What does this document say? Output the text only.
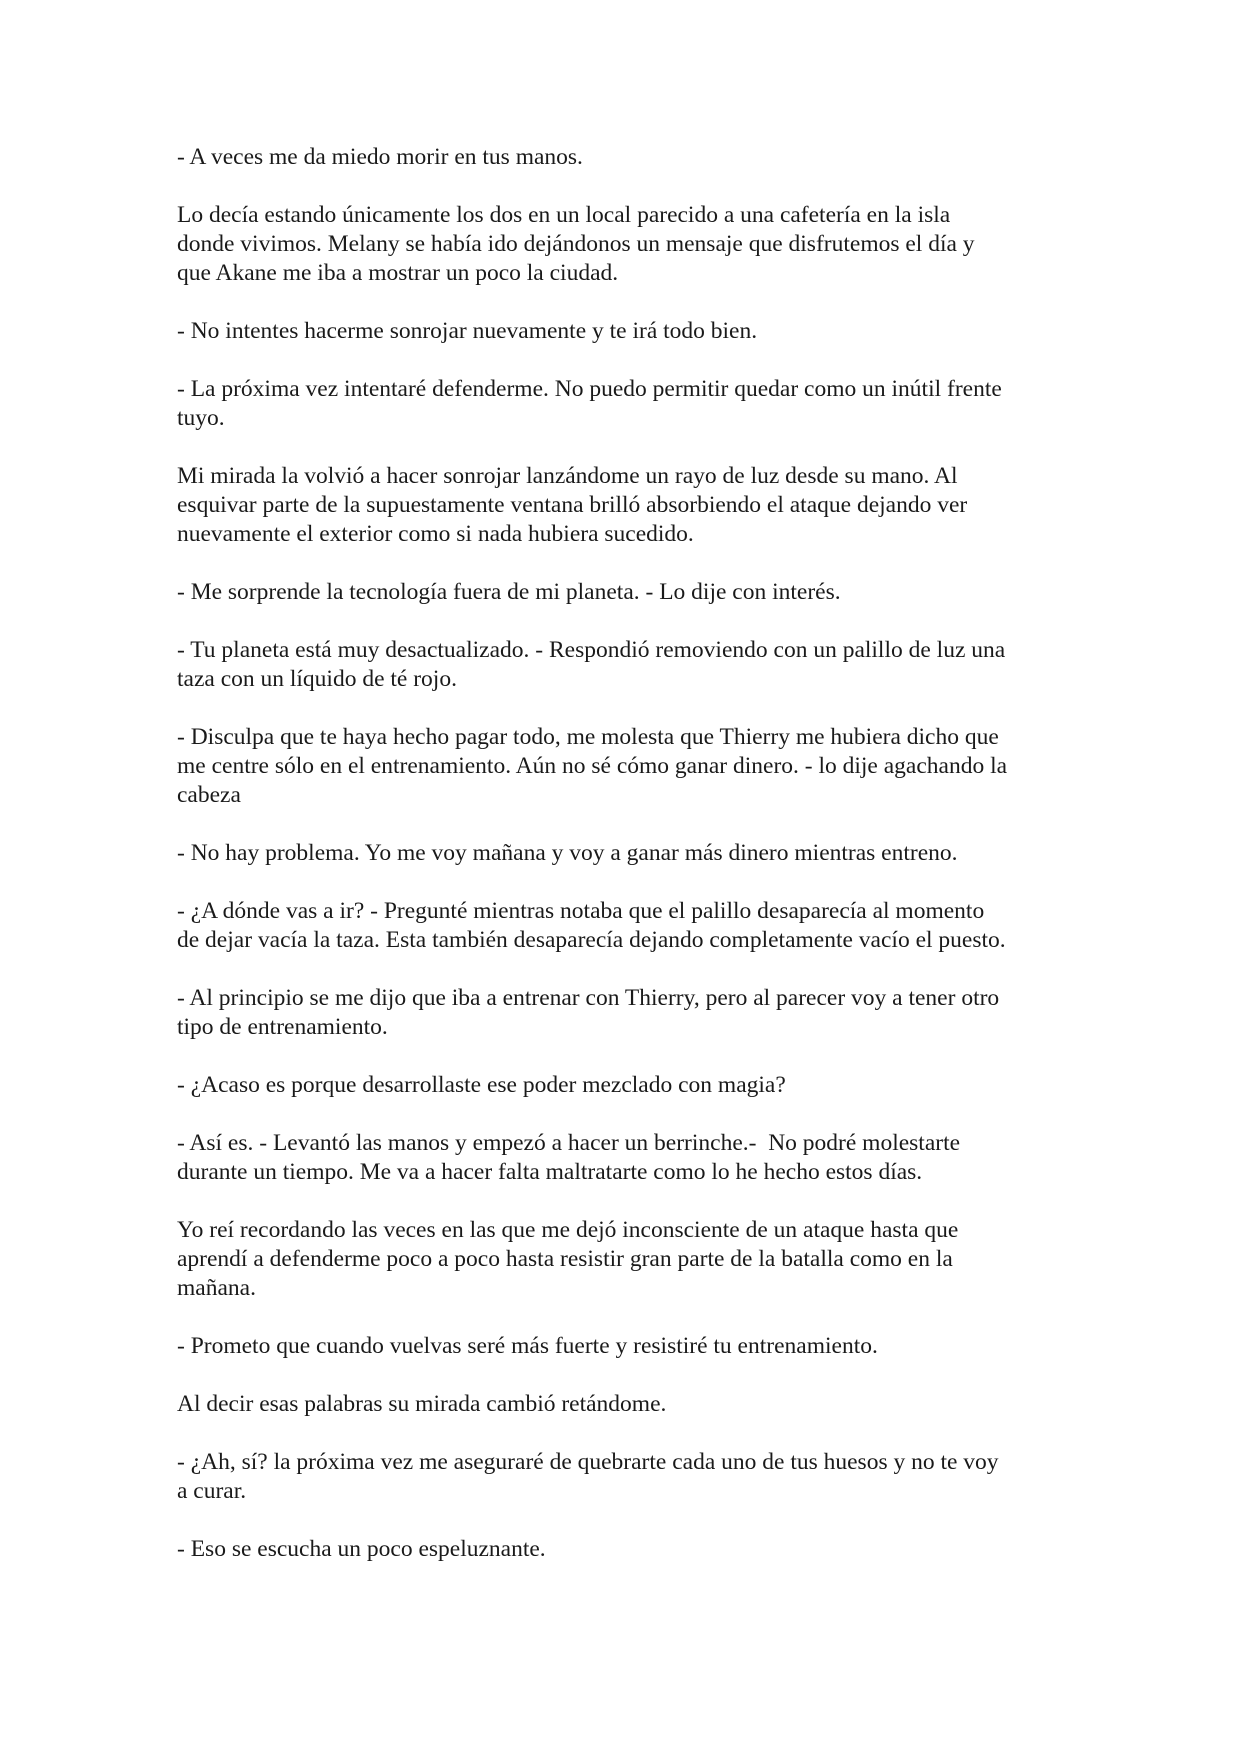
- A veces me da miedo morir en tus manos.

Lo decía estando únicamente los dos en un local parecido a una cafetería en la isla
donde vivimos. Melany se había ido dejándonos un mensaje que disfrutemos el día y
que Akane me iba a mostrar un poco la ciudad.

- No intentes hacerme sonrojar nuevamente y te irá todo bien.

- La próxima vez intentaré defenderme. No puedo permitir quedar como un inútil frente
tuyo.

Mi mirada la volvió a hacer sonrojar lanzándome un rayo de luz desde su mano. Al
esquivar parte de la supuestamente ventana brilló absorbiendo el ataque dejando ver
nuevamente el exterior como si nada hubiera sucedido.

- Me sorprende la tecnología fuera de mi planeta. - Lo dije con interés.

- Tu planeta está muy desactualizado. - Respondió removiendo con un palillo de luz una
taza con un líquido de té rojo.

- Disculpa que te haya hecho pagar todo, me molesta que Thierry me hubiera dicho que
me centre sólo en el entrenamiento. Aún no sé cómo ganar dinero. - lo dije agachando la
cabeza

- No hay problema. Yo me voy mañana y voy a ganar más dinero mientras entreno.

- ¿A dónde vas a ir? - Pregunté mientras notaba que el palillo desaparecía al momento
de dejar vacía la taza. Esta también desaparecía dejando completamente vacío el puesto.

- Al principio se me dijo que iba a entrenar con Thierry, pero al parecer voy a tener otro
tipo de entrenamiento.

- ¿Acaso es porque desarrollaste ese poder mezclado con magia?

- Así es. - Levantó las manos y empezó a hacer un berrinche.-  No podré molestarte
durante un tiempo. Me va a hacer falta maltratarte como lo he hecho estos días.

Yo reí recordando las veces en las que me dejó inconsciente de un ataque hasta que
aprendí a defenderme poco a poco hasta resistir gran parte de la batalla como en la
mañana.

- Prometo que cuando vuelvas seré más fuerte y resistiré tu entrenamiento.

Al decir esas palabras su mirada cambió retándome.

- ¿Ah, sí? la próxima vez me aseguraré de quebrarte cada uno de tus huesos y no te voy
a curar.

- Eso se escucha un poco espeluznante.
